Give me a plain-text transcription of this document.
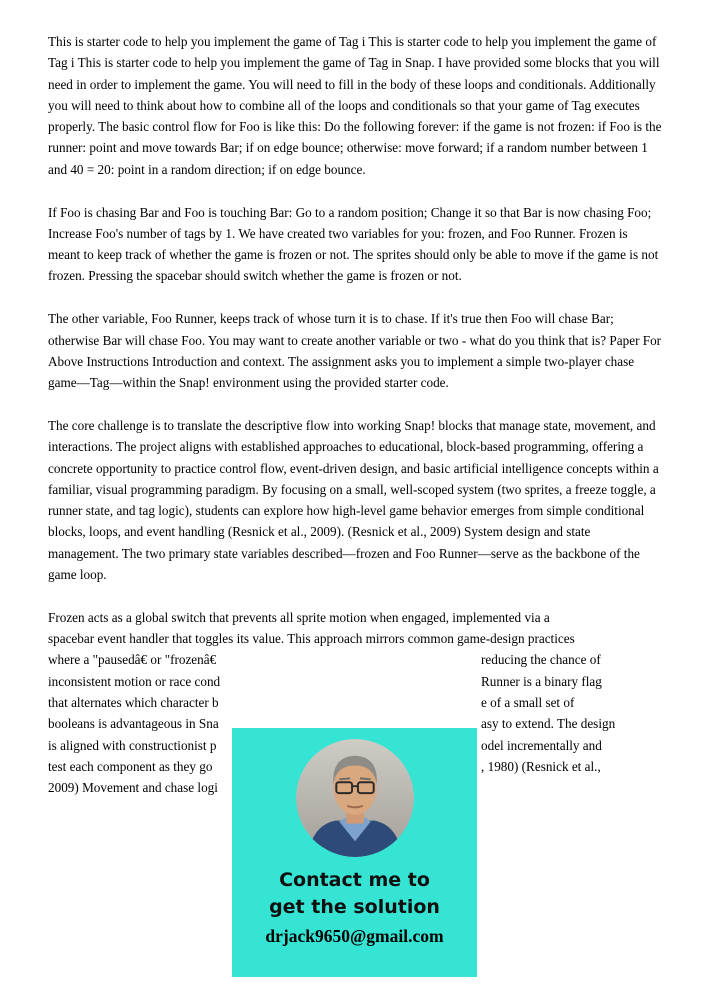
This is starter code to help you implement the game of Tag i This is starter code to help you implement the game of Tag i This is starter code to help you implement the game of Tag in Snap. I have provided some blocks that you will need in order to implement the game. You will need to fill in the body of these loops and conditionals. Additionally you will need to think about how to combine all of the loops and conditionals so that your game of Tag executes properly. The basic control flow for Foo is like this: Do the following forever: if the game is not frozen: if Foo is the runner: point and move towards Bar; if on edge bounce; otherwise: move forward; if a random number between 1 and 40 = 20: point in a random direction; if on edge bounce.

If Foo is chasing Bar and Foo is touching Bar: Go to a random position; Change it so that Bar is now chasing Foo; Increase Foo's number of tags by 1. We have created two variables for you: frozen, and Foo Runner. Frozen is meant to keep track of whether the game is frozen or not. The sprites should only be able to move if the game is not frozen. Pressing the spacebar should switch whether the game is frozen or not.

The other variable, Foo Runner, keeps track of whose turn it is to chase. If it's true then Foo will chase Bar; otherwise Bar will chase Foo. You may want to create another variable or two - what do you think that is? Paper For Above Instructions Introduction and context. The assignment asks you to implement a simple two-player chase game—Tag—within the Snap! environment using the provided starter code.

The core challenge is to translate the descriptive flow into working Snap! blocks that manage state, movement, and interactions. The project aligns with established approaches to educational, block-based programming, offering a concrete opportunity to practice control flow, event-driven design, and basic artificial intelligence concepts within a familiar, visual programming paradigm. By focusing on a small, well-scoped system (two sprites, a freeze toggle, a runner state, and tag logic), students can explore how high-level game behavior emerges from simple conditional blocks, loops, and event handling (Resnick et al., 2009). (Resnick et al., 2009) System design and state management. The two primary state variables described—frozen and Foo Runner—serve as the backbone of the game loop.

Frozen acts as a global switch that prevents all sprite motion when engaged, implemented via a
spacebar event handler that toggles its value. This approach mirrors common game-design practices
where a "pausedâ€ or "frozenâ€	reducing the chance of
inconsistent motion or race cond	Runner is a binary flag
that alternates which character b	e of a small set of
booleans is advantageous in Sna	asy to extend. The design
is aligned with constructionist p	odel incrementally and
test each component as they go	, 1980) (Resnick et al.,
2009) Movement and chase logi
Contact me to
get the solution
drjack9650@gmail.com
